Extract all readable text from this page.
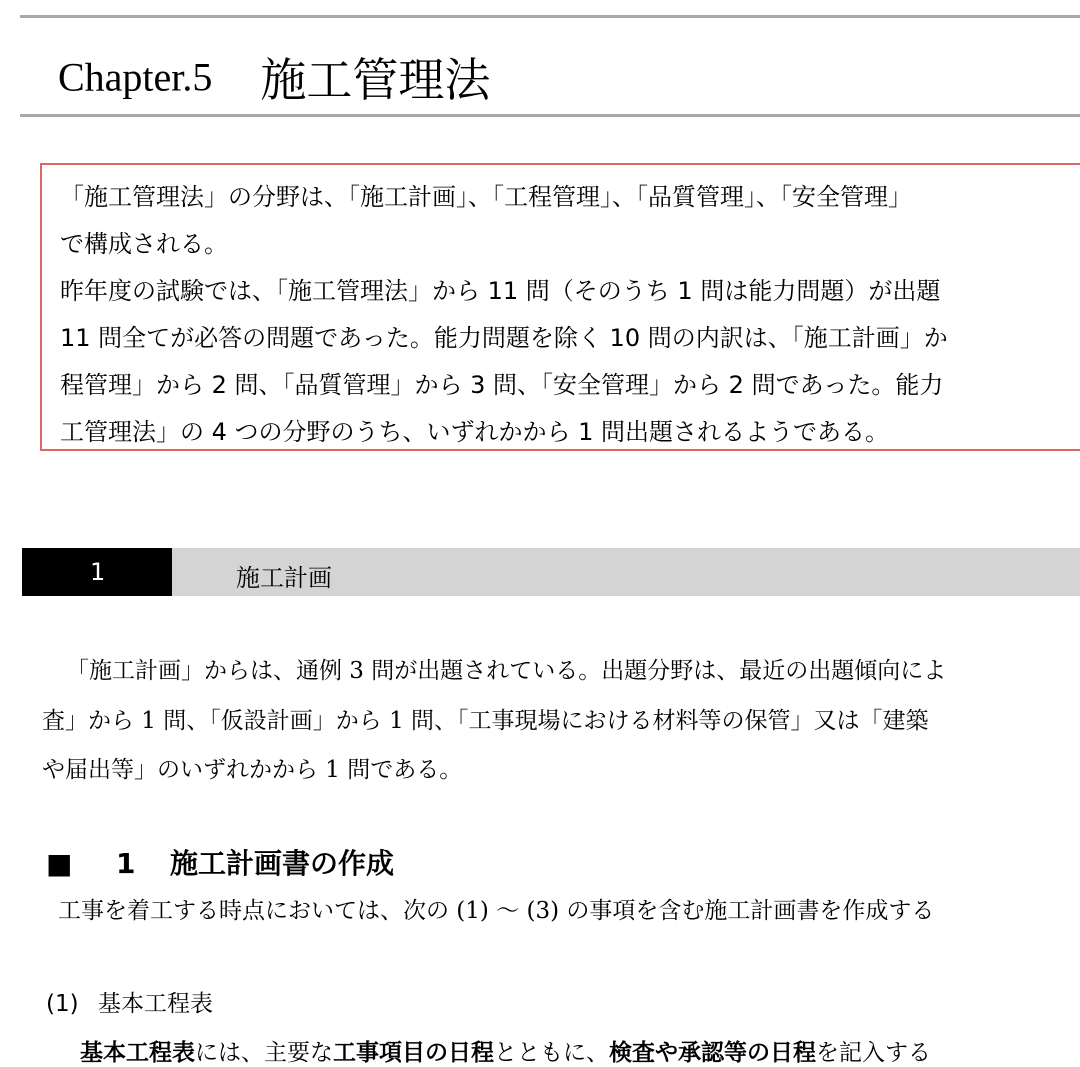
Chapter.5 施工管理法

「施工管理法」の分野は、「施工計画」、「工程管理」、「品質管理」、「安全管理」

で構成される。

昨年度の試験では、「施工管理法」から 11 問（そのうち 1 問は能力問題）が出題

11 問全てが必答の問題であった。能力問題を除く 10 問の内訳は、「施工計画」か

程管理」から 2 問、「品質管理」から 3 問、「安全管理」から 2 問であった。能力

工管理法」の 4 つの分野のうち、いずれかから 1 問出題されるようである。

1	施工計画

「施工計画」からは、通例 3 問が出題されている。出題分野は、最近の出題傾向によ

査」から 1 問、「仮設計画」から 1 問、「工事現場における材料等の保管」又は「建築

や届出等」のいずれかから 1 問である。

■ 1 施工計画書の作成

工事を着工する時点においては、次の (1) 〜 (3) の事項を含む施工計画書を作成する

(1) 基本工程表

基本工程表には、主要な工事項目の日程とともに、検査や承認等の日程を記入する
